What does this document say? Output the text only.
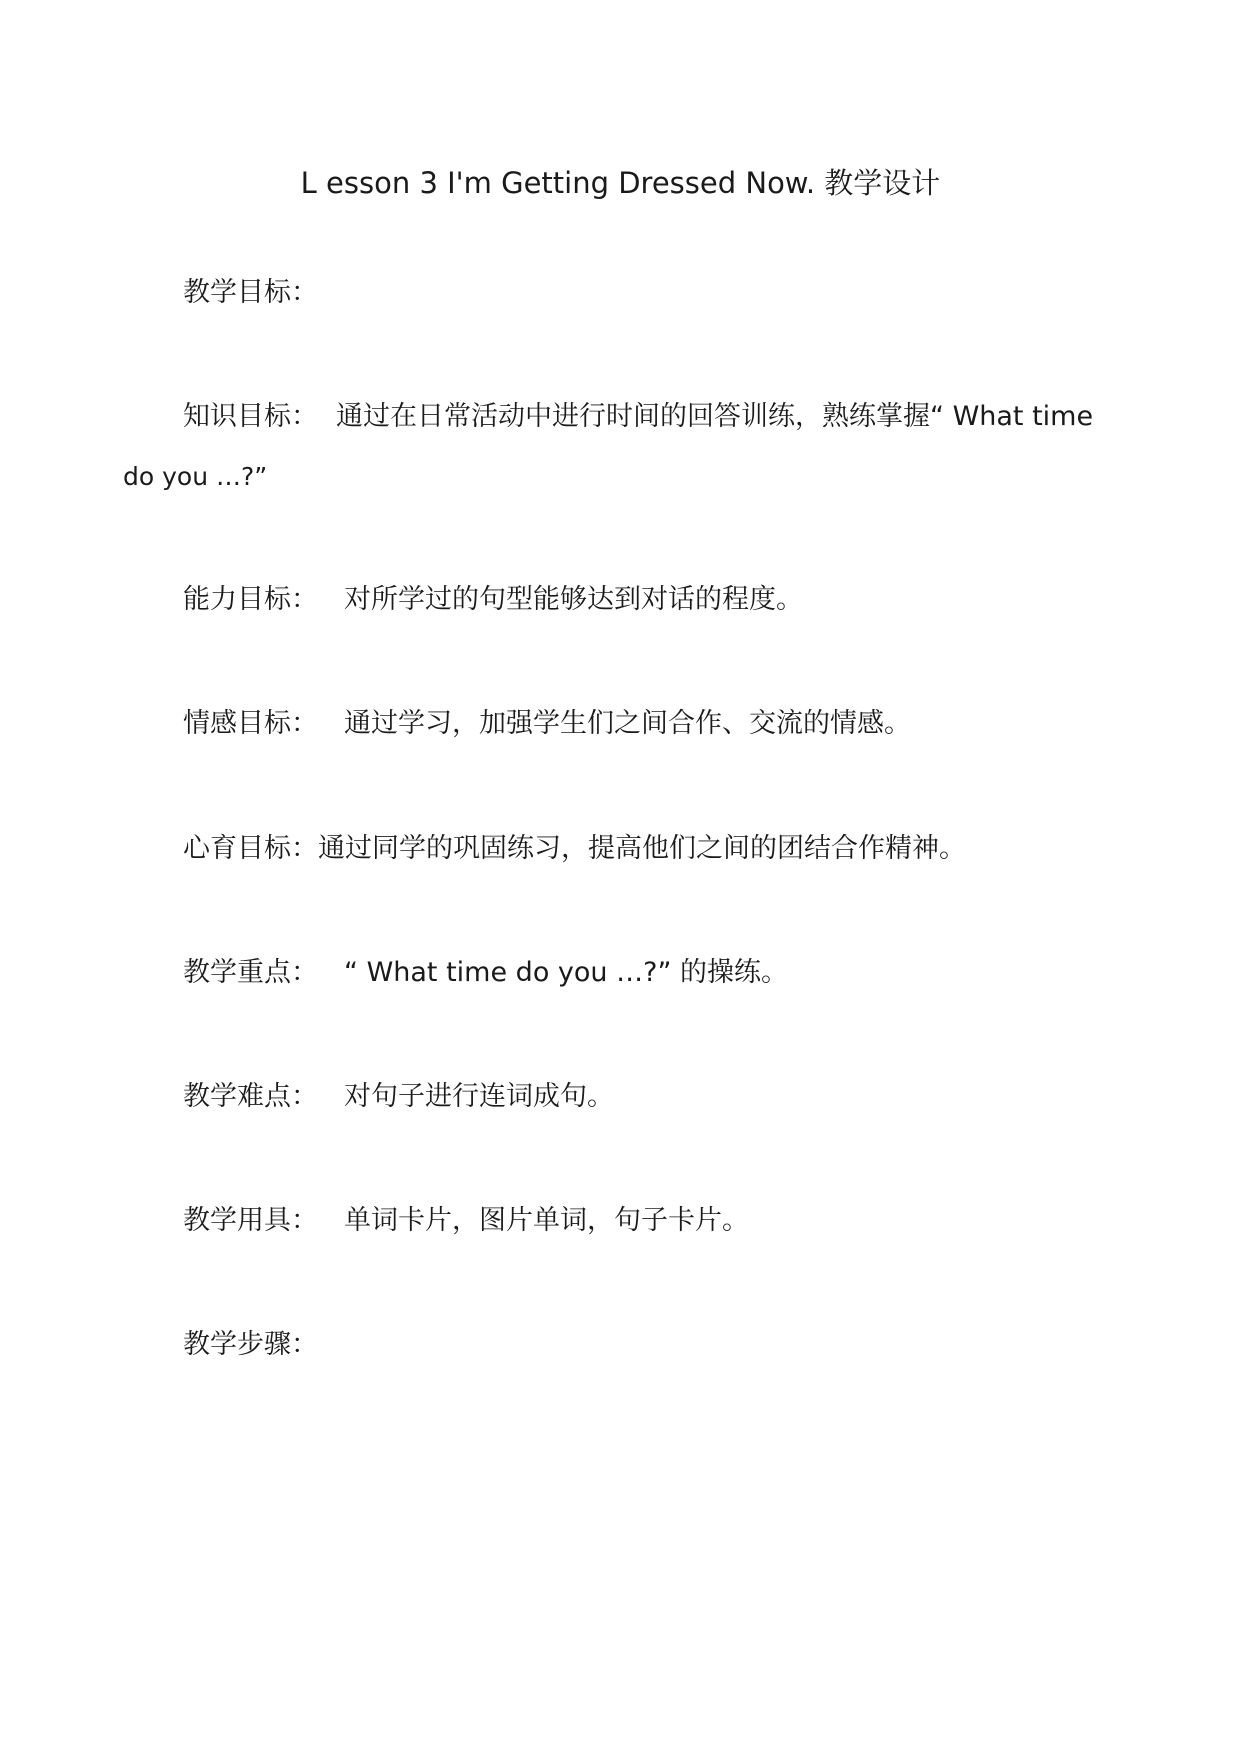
L esson 3 I'm Getting Dressed Now. 教学设计
教学目标：
知识目标： 通过在日常活动中进行时间的回答训练，熟练掌握“ What time
do you …?”
能力目标： 对所学过的句型能够达到对话的程度。
情感目标： 通过学习，加强学生们之间合作、交流的情感。
心育目标：通过同学的巩固练习，提高他们之间的团结合作精神。
教学重点： “ What time do you …?” 的操练。
教学难点： 对句子进行连词成句。
教学用具： 单词卡片，图片单词，句子卡片。
教学步骤：
